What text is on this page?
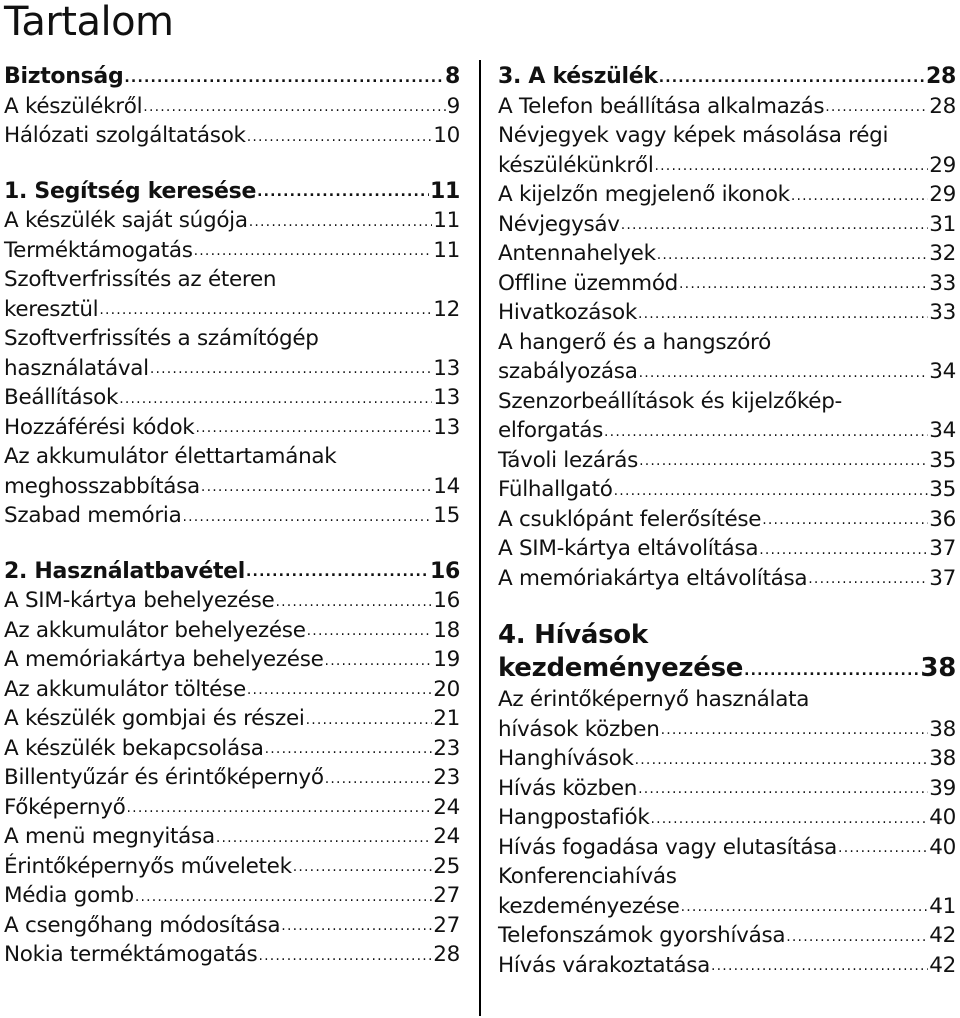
Tartalom
Biztonság .....	8
A készülékről .....	9
Hálózati szolgáltatások .....	10
1. Segítség keresése .....	11
A készülék saját súgója .....	11
Terméktámogatás .....	11
Szoftverfrissítés az éteren
keresztül .....	12
Szoftverfrissítés a számítógép
használatával .....	13
Beállítások .....	13
Hozzáférési kódok .....	13
Az akkumulátor élettartamának
meghosszabbítása .....	14
Szabad memória .....	15
2. Használatbavétel .....	16
A SIM-kártya behelyezése .....	16
Az akkumulátor behelyezése .....	18
A memóriakártya behelyezése .....	19
Az akkumulátor töltése .....	20
A készülék gombjai és részei .....	21
A készülék bekapcsolása .....	23
Billentyűzár és érintőképernyő .....	23
Főképernyő .....	24
A menü megnyitása .....	24
Érintőképernyős műveletek .....	25
Média gomb .....	27
A csengőhang módosítása .....	27
Nokia terméktámogatás .....	28
3. A készülék .....	28
A Telefon beállítása alkalmazás .....	28
Névjegyek vagy képek másolása régi
készülékünkről .....	29
A kijelzőn megjelenő ikonok .....	29
Névjegysáv .....	31
Antennahelyek .....	32
Offline üzemmód .....	33
Hivatkozások .....	33
A hangerő és a hangszóró
szabályozása .....	34
Szenzorbeállítások és kijelzőkép-
elforgatás .....	34
Távoli lezárás .....	35
Fülhallgató .....	35
A csuklópánt felerősítése .....	36
A SIM-kártya eltávolítása .....	37
A memóriakártya eltávolítása .....	37
4. Hívások
kezdeményezése .....	38
Az érintőképernyő használata
hívások közben .....	38
Hanghívások .....	38
Hívás közben .....	39
Hangpostafiók .....	40
Hívás fogadása vagy elutasítása .....	40
Konferenciahívás
kezdeményezése .....	41
Telefonszámok gyorshívása .....	42
Hívás várakoztatása .....	42
